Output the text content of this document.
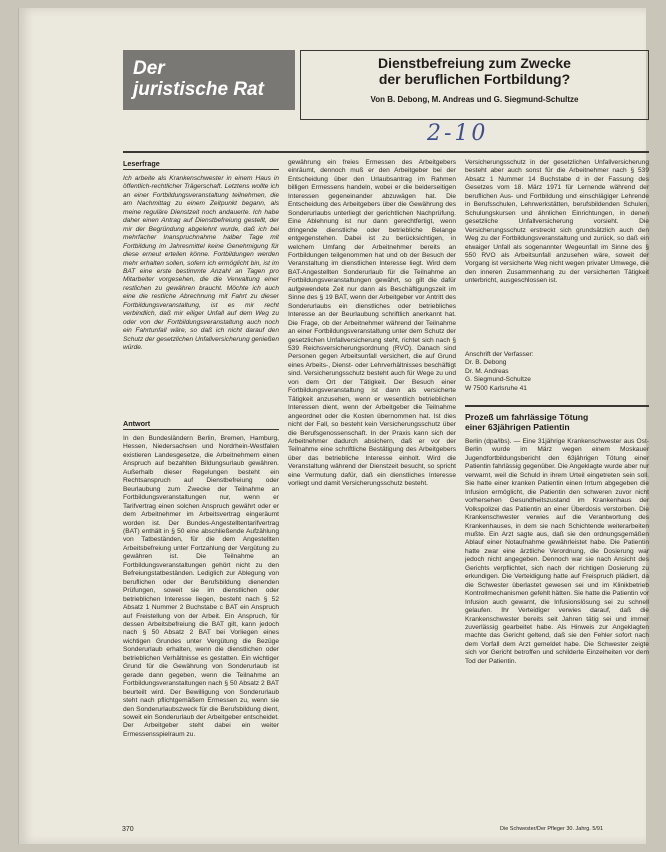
Der
juristische Rat
Dienstbefreiung zum Zwecke
der beruflichen Fortbildung?
Von B. Debong, M. Andreas und G. Siegmund-Schultze
2-10
Leserfrage
Ich arbeite als Krankenschwester in einem Haus in öffentlich-rechtlicher Trägerschaft. Letztens wollte ich an einer Fortbildungsveranstaltung teilnehmen, die am Nachmittag zu einem Zeitpunkt begann, als meine reguläre Dienstzeit noch andauerte. Ich habe daher einen Antrag auf Dienstbefreiung gestellt, der mir der Begründung abgelehnt wurde, daß ich bei mehrfacher Inanspruchnahme halber Tage mit Fortbildung im Jahresmittel keine Genehmigung für diese erneut erteilen könne. Fortbildungen werden mehr erhalten sollen, sofern ich ermöglicht bin, ist im BAT eine erste bestimmte Anzahl an Tagen pro Mitarbeiter vorgesehen, die die Verwaltung einer restlichen zu gewähren braucht. Möchte ich auch eine die restliche Abrechnung mit Fahrt zu dieser Fortbildungsveranstaltung, ist es mir recht verbindlich, daß mir eiliger Unfall auf dem Weg zu oder von der Fortbildungsveranstaltung auch noch ein Fahrtunfall wäre, so daß ich nicht darauf den Schutz der gesetzlichen Unfallversicherung genießen würde.
Antwort
In den Bundesländern Berlin, Bremen, Hamburg, Hessen, Niedersachsen und Nordrhein-Westfalen existieren Landesgesetze, die Arbeitnehmern einen Anspruch auf bezahlten Bildungsurlaub gewähren. Außerhalb dieser Regelungen besteht ein Rechtsanspruch auf Dienstbefreiung oder Beurlaubung zum Zwecke der Teilnahme an Fortbildungsveranstaltungen nur, wenn er Tarifvertrag einen solchen Anspruch gewährt oder er dem Arbeitnehmer im Arbeitsvertrag eingeräumt worden ist. Der Bundes-Angestelltentarifvertrag (BAT) enthält in § 50 eine abschließende Aufzählung von Tatbeständen, für die dem Angestellten Arbeitsbefreiung unter Fortzahlung der Vergütung zu gewähren ist. Die Teilnahme an Fortbildungsveranstaltungen gehört nicht zu den Befreiungstatbeständen. Lediglich zur Ablegung von beruflichen oder der Berufsbildung dienenden Prüfungen, soweit sie im dienstlichen oder betrieblichen Interesse liegen, besteht nach § 52 Absatz 1 Nummer 2 Buchstabe c BAT ein Anspruch auf Freistellung von der Arbeit. Ein Anspruch, für dessen Arbeitsbefreiung die BAT gilt, kann jedoch nach § 50 Absatz 2 BAT bei Vorliegen eines wichtigen Grundes unter Vergütung die Bezüge Sonderurlaub erhalten, wenn die dienstlichen oder betrieblichen Verhältnisse es gestatten. Ein wichtiger Grund für die Gewährung von Sonderurlaub ist gerade dann gegeben, wenn die Teilnahme an Fortbildungsveranstaltungen nach § 50 Absatz 2 BAT beurteilt wird. Der Bewilligung von Sonderurlaub steht nach pflichtgemäßem Ermessen zu, wenn sie den Sonderurlaubszweck für die Berufsbildung dient, soweit ein Sonderurlaub der Arbeitgeber entscheidet. Der Arbeitgeber steht dabei ein weiter Ermessensspielraum zu.
gewährung ein freies Ermessen des Arbeitgebers einräumt, dennoch muß er den Arbeitgeber bei der Entscheidung über den Urlaubsantrag im Rahmen billigen Ermessens handeln, wobei er die beiderseitigen Interessen gegeneinander abzuwägen hat. Die Entscheidung des Arbeitgebers über die Gewährung des Sonderurlaubs unterliegt der gerichtlichen Nachprüfung. Eine Ablehnung ist nur dann gerechtfertigt, wenn dringende dienstliche oder betriebliche Belange entgegenstehen. Dabei ist zu berücksichtigen, in welchem Umfang der Arbeitnehmer bereits an Fortbildungen teilgenommen hat und ob der Besuch der Veranstaltung im dienstlichen Interesse liegt. Wird dem BAT-Angestellten Sonderurlaub für die Teilnahme an Fortbildungsveranstaltungen gewährt, so gilt die dafür aufgewendete Zeit nur dann als Beschäftigungszeit im Sinne des § 19 BAT, wenn der Arbeitgeber vor Antritt des Sonderurlaubs ein dienstliches oder betriebliches Interesse an der Beurlaubung schriftlich anerkannt hat. Die Frage, ob der Arbeitnehmer während der Teilnahme an einer Fortbildungsveranstaltung unter dem Schutz der gesetzlichen Unfallversicherung steht, richtet sich nach § 539 Reichsversicherungsordnung (RVO). Danach sind Personen gegen Arbeitsunfall versichert, die auf Grund eines Arbeits-, Dienst- oder Lehrverhältnisses beschäftigt sind. Versicherungsschutz besteht auch für Wege zu und von dem Ort der Tätigkeit. Der Besuch einer Fortbildungsveranstaltung ist dann als versicherte Tätigkeit anzusehen, wenn er wesentlich betrieblichen Interessen dient, wenn der Arbeitgeber die Teilnahme angeordnet oder die Kosten übernommen hat. Ist dies nicht der Fall, so besteht kein Versicherungsschutz über die Berufsgenossenschaft. In der Praxis kann sich der Arbeitnehmer dadurch absichern, daß er vor der Teilnahme eine schriftliche Bestätigung des Arbeitgebers über das betriebliche Interesse einholt. Wird die Veranstaltung während der Dienstzeit besucht, so spricht eine Vermutung dafür, daß ein dienstliches Interesse vorliegt und damit Versicherungsschutz besteht.
Versicherungsschutz in der gesetzlichen Unfallversicherung besteht aber auch sonst für die Arbeitnehmer nach § 539 Absatz 1 Nummer 14 Buchstabe d in der Fassung des Gesetzes vom 18. März 1971 für Lernende während der beruflichen Aus- und Fortbildung und einschlägiger Lehrende in Berufsschulen, Lehrwerkstätten, berufsbildenden Schulen, Schulungskursen und ähnlichen Einrichtungen, in denen gesetzliche Unfallversicherung vorsieht. Die Versicherungsschutz erstreckt sich grundsätzlich auch den Weg zu der Fortbildungsveranstaltung und zurück, so daß ein etwaiger Unfall als sogenannter Wegeunfall im Sinne des § 550 RVO als Arbeitsunfall anzusehen wäre, soweit der Vorgang ist versicherte Weg nicht wegen privater Umwege, die den inneren Zusammenhang zu der versicherten Tätigkeit unterbricht, ausgeschlossen ist.
Anschrift der Verfasser:
Dr. B. Debong
Dr. M. Andreas
G. Siegmund-Schultze
W 7500 Karlsruhe 41
Prozeß um fahrlässige Tötung
einer 63jährigen Patientin
Berlin (dpa/lbs). — Eine 31jährige Krankenschwester aus Ost-Berlin wurde im März wegen einem Moskauer Jugendfortbildungsbericht den 63jährigen Tötung einer Patientin fahrlässig gegenüber. Die Angeklagte wurde aber nur verwarnt, weil die Schuld in ihrem Urteil eingetreten sein soll. Sie hatte einer kranken Patientin einen Irrtum abgegeben die Infusion ermöglicht, die Patientin den schweren zuvor nicht vorhersehen Gesundheitszustand im Krankenhaus der Volkspolizei das Patientin an einer Überdosis verstorben. Die Krankenschwester verwies auf die Verantwortung des Krankenhauses, in dem sie nach Schichtende weiterarbeiten mußte. Ein Arzt sagte aus, daß sie den ordnungsgemäßen Ablauf einer Notaufnahme gewährleistet habe. Die Patientin hatte zwar eine ärztliche Verordnung, die Dosierung war jedoch nicht angegeben. Dennoch war sie nach Ansicht des Gerichts verpflichtet, sich nach der richtigen Dosierung zu erkundigen. Die Verteidigung hatte auf Freispruch plädiert, da die Schwester überlastet gewesen sei und im Klinikbetrieb Kontrollmechanismen gefehlt hätten. Sie hatte die Patientin vor Infusion auch gewarnt, die Infusionslösung sei zu schnell gelaufen. Ihr Verteidiger verwies darauf, daß die Krankenschwester bereits seit Jahren tätig sei und immer zuverlässig gearbeitet habe. Als Hinweis zur Angeklagten machte das Gericht geltend, daß sie den Fehler sofort nach dem Vorfall dem Arzt gemeldet habe. Die Schwester zeigte sich vor Gericht betroffen und schilderte Einzelheiten vor dem Tod der Patientin.
370	Die Schwester/Der Pfleger 30. Jahrg. 5/91
